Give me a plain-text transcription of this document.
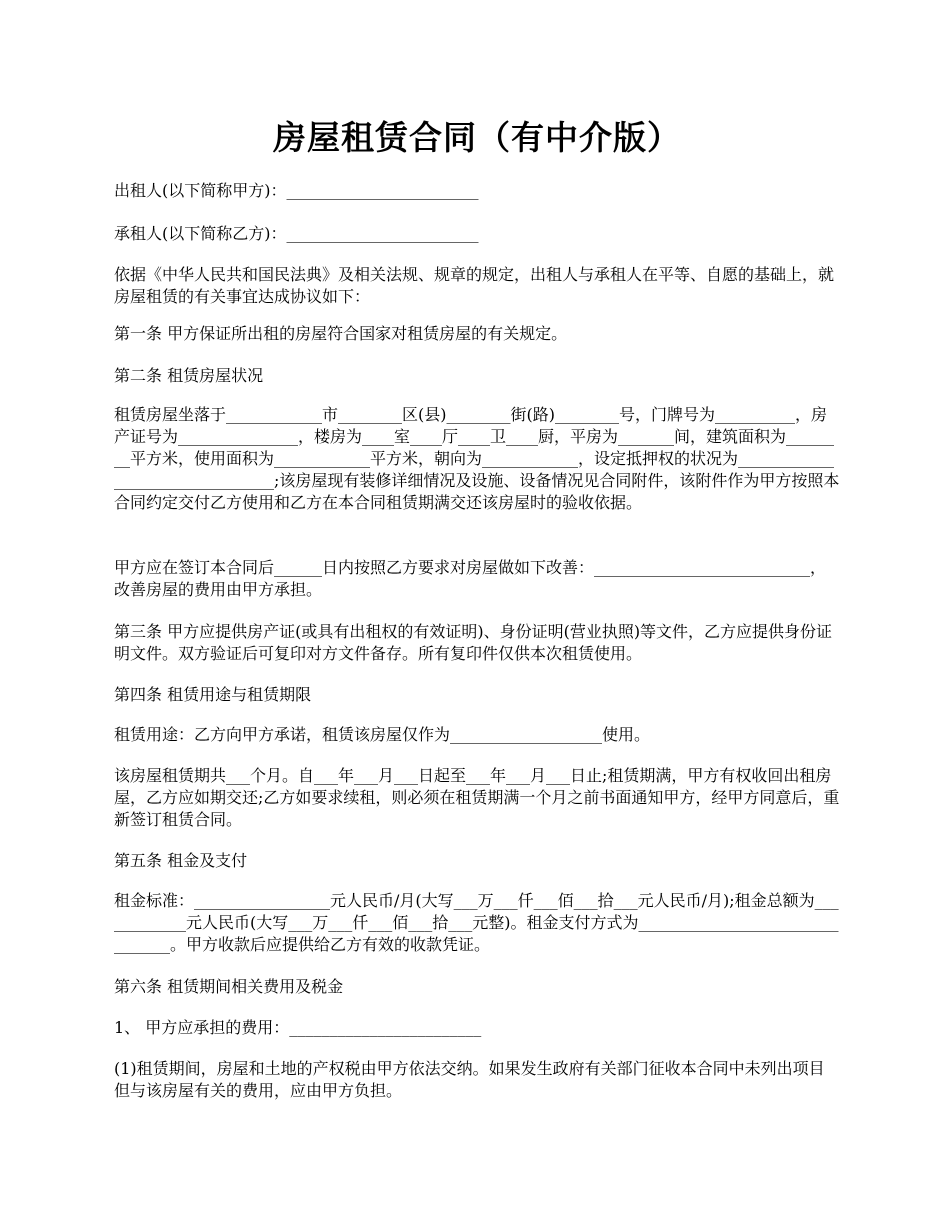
房屋租赁合同（有中介版）

出租人(以下简称甲方)：________________________

承租人(以下简称乙方)：________________________

依据《中华人民共和国民法典》及相关法规、规章的规定，出租人与承租人在平等、自愿的基础上，就房屋租赁的有关事宜达成协议如下：

第一条 甲方保证所出租的房屋符合国家对租赁房屋的有关规定。

第二条 租赁房屋状况

租赁房屋坐落于____________市________区(县)________街(路)________号，门牌号为__________，房产证号为_______________，楼房为____室____厅____卫____厨，平房为_______间，建筑面积为________平方米，使用面积为____________平方米，朝向为____________，设定抵押权的状况为________________________________;该房屋现有装修详细情况及设施、设备情况见合同附件，该附件作为甲方按照本合同约定交付乙方使用和乙方在本合同租赁期满交还该房屋时的验收依据。

甲方应在签订本合同后______日内按照乙方要求对房屋做如下改善：___________________________，改善房屋的费用由甲方承担。

第三条 甲方应提供房产证(或具有出租权的有效证明)、身份证明(营业执照)等文件，乙方应提供身份证明文件。双方验证后可复印对方文件备存。所有复印件仅供本次租赁使用。

第四条 租赁用途与租赁期限

租赁用途：乙方向甲方承诺，租赁该房屋仅作为___________________使用。

该房屋租赁期共___个月。自___年___月___日起至___年___月___日止;租赁期满，甲方有权收回出租房屋，乙方应如期交还;乙方如要求续租，则必须在租赁期满一个月之前书面通知甲方，经甲方同意后，重新签订租赁合同。

第五条 租金及支付

租金标准：_________________元人民币/月(大写___万___仟___佰___拾___元人民币/月);租金总额为____________元人民币(大写___万___仟___佰___拾___元整)。租金支付方式为________________________________。甲方收款后应提供给乙方有效的收款凭证。

第六条 租赁期间相关费用及税金

1、 甲方应承担的费用：________________________

(1)租赁期间，房屋和土地的产权税由甲方依法交纳。如果发生政府有关部门征收本合同中未列出项目但与该房屋有关的费用，应由甲方负担。
